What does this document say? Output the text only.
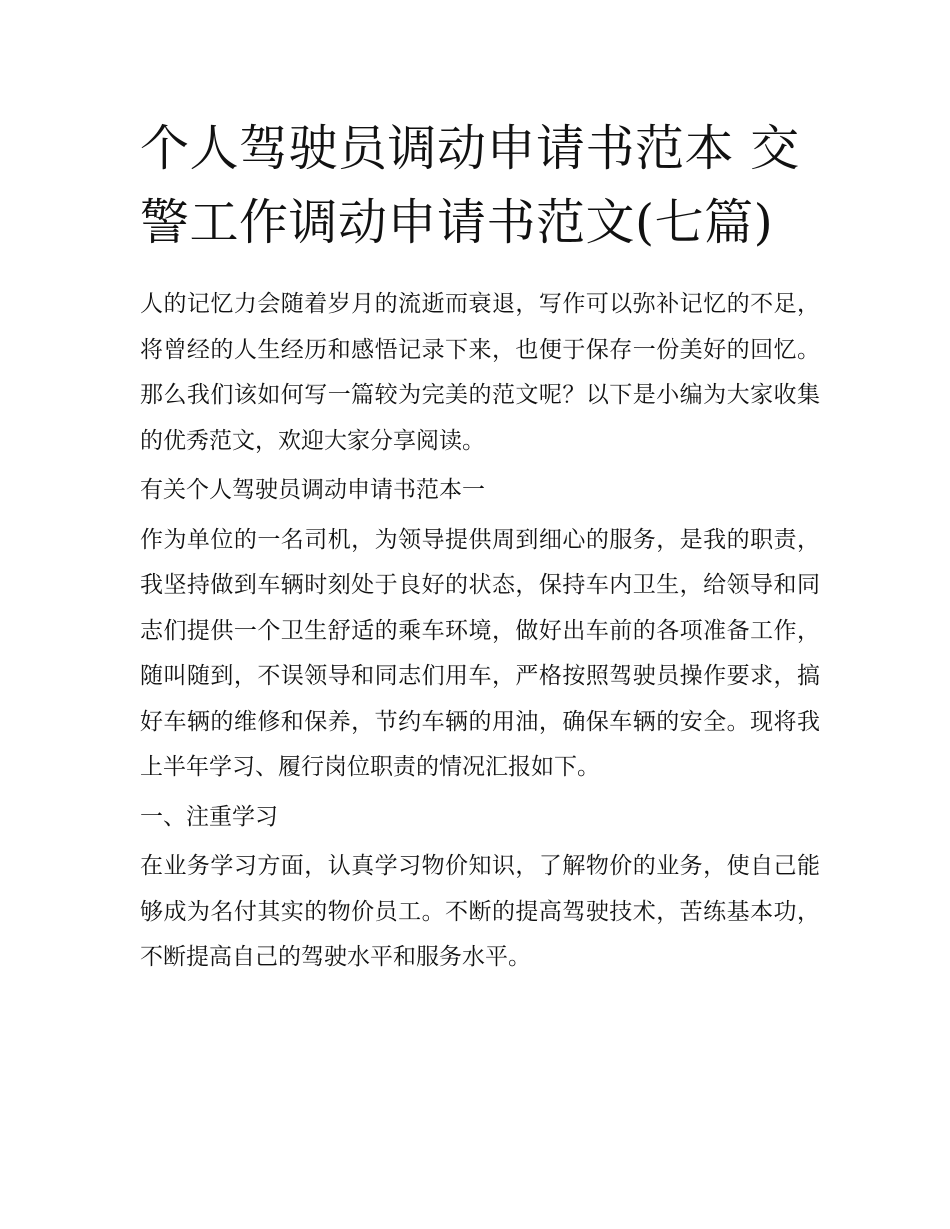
个人驾驶员调动申请书范本 交警工作调动申请书范文(七篇)

人的记忆力会随着岁月的流逝而衰退，写作可以弥补记忆的不足，将曾经的人生经历和感悟记录下来，也便于保存一份美好的回忆。那么我们该如何写一篇较为完美的范文呢？以下是小编为大家收集的优秀范文，欢迎大家分享阅读。

有关个人驾驶员调动申请书范本一

作为单位的一名司机，为领导提供周到细心的服务，是我的职责，我坚持做到车辆时刻处于良好的状态，保持车内卫生，给领导和同志们提供一个卫生舒适的乘车环境，做好出车前的各项准备工作，随叫随到，不误领导和同志们用车，严格按照驾驶员操作要求，搞好车辆的维修和保养，节约车辆的用油，确保车辆的安全。现将我上半年学习、履行岗位职责的情况汇报如下。

一、注重学习

在业务学习方面，认真学习物价知识，了解物价的业务，使自己能够成为名付其实的物价员工。不断的提高驾驶技术，苦练基本功，不断提高自己的驾驶水平和服务水平。
